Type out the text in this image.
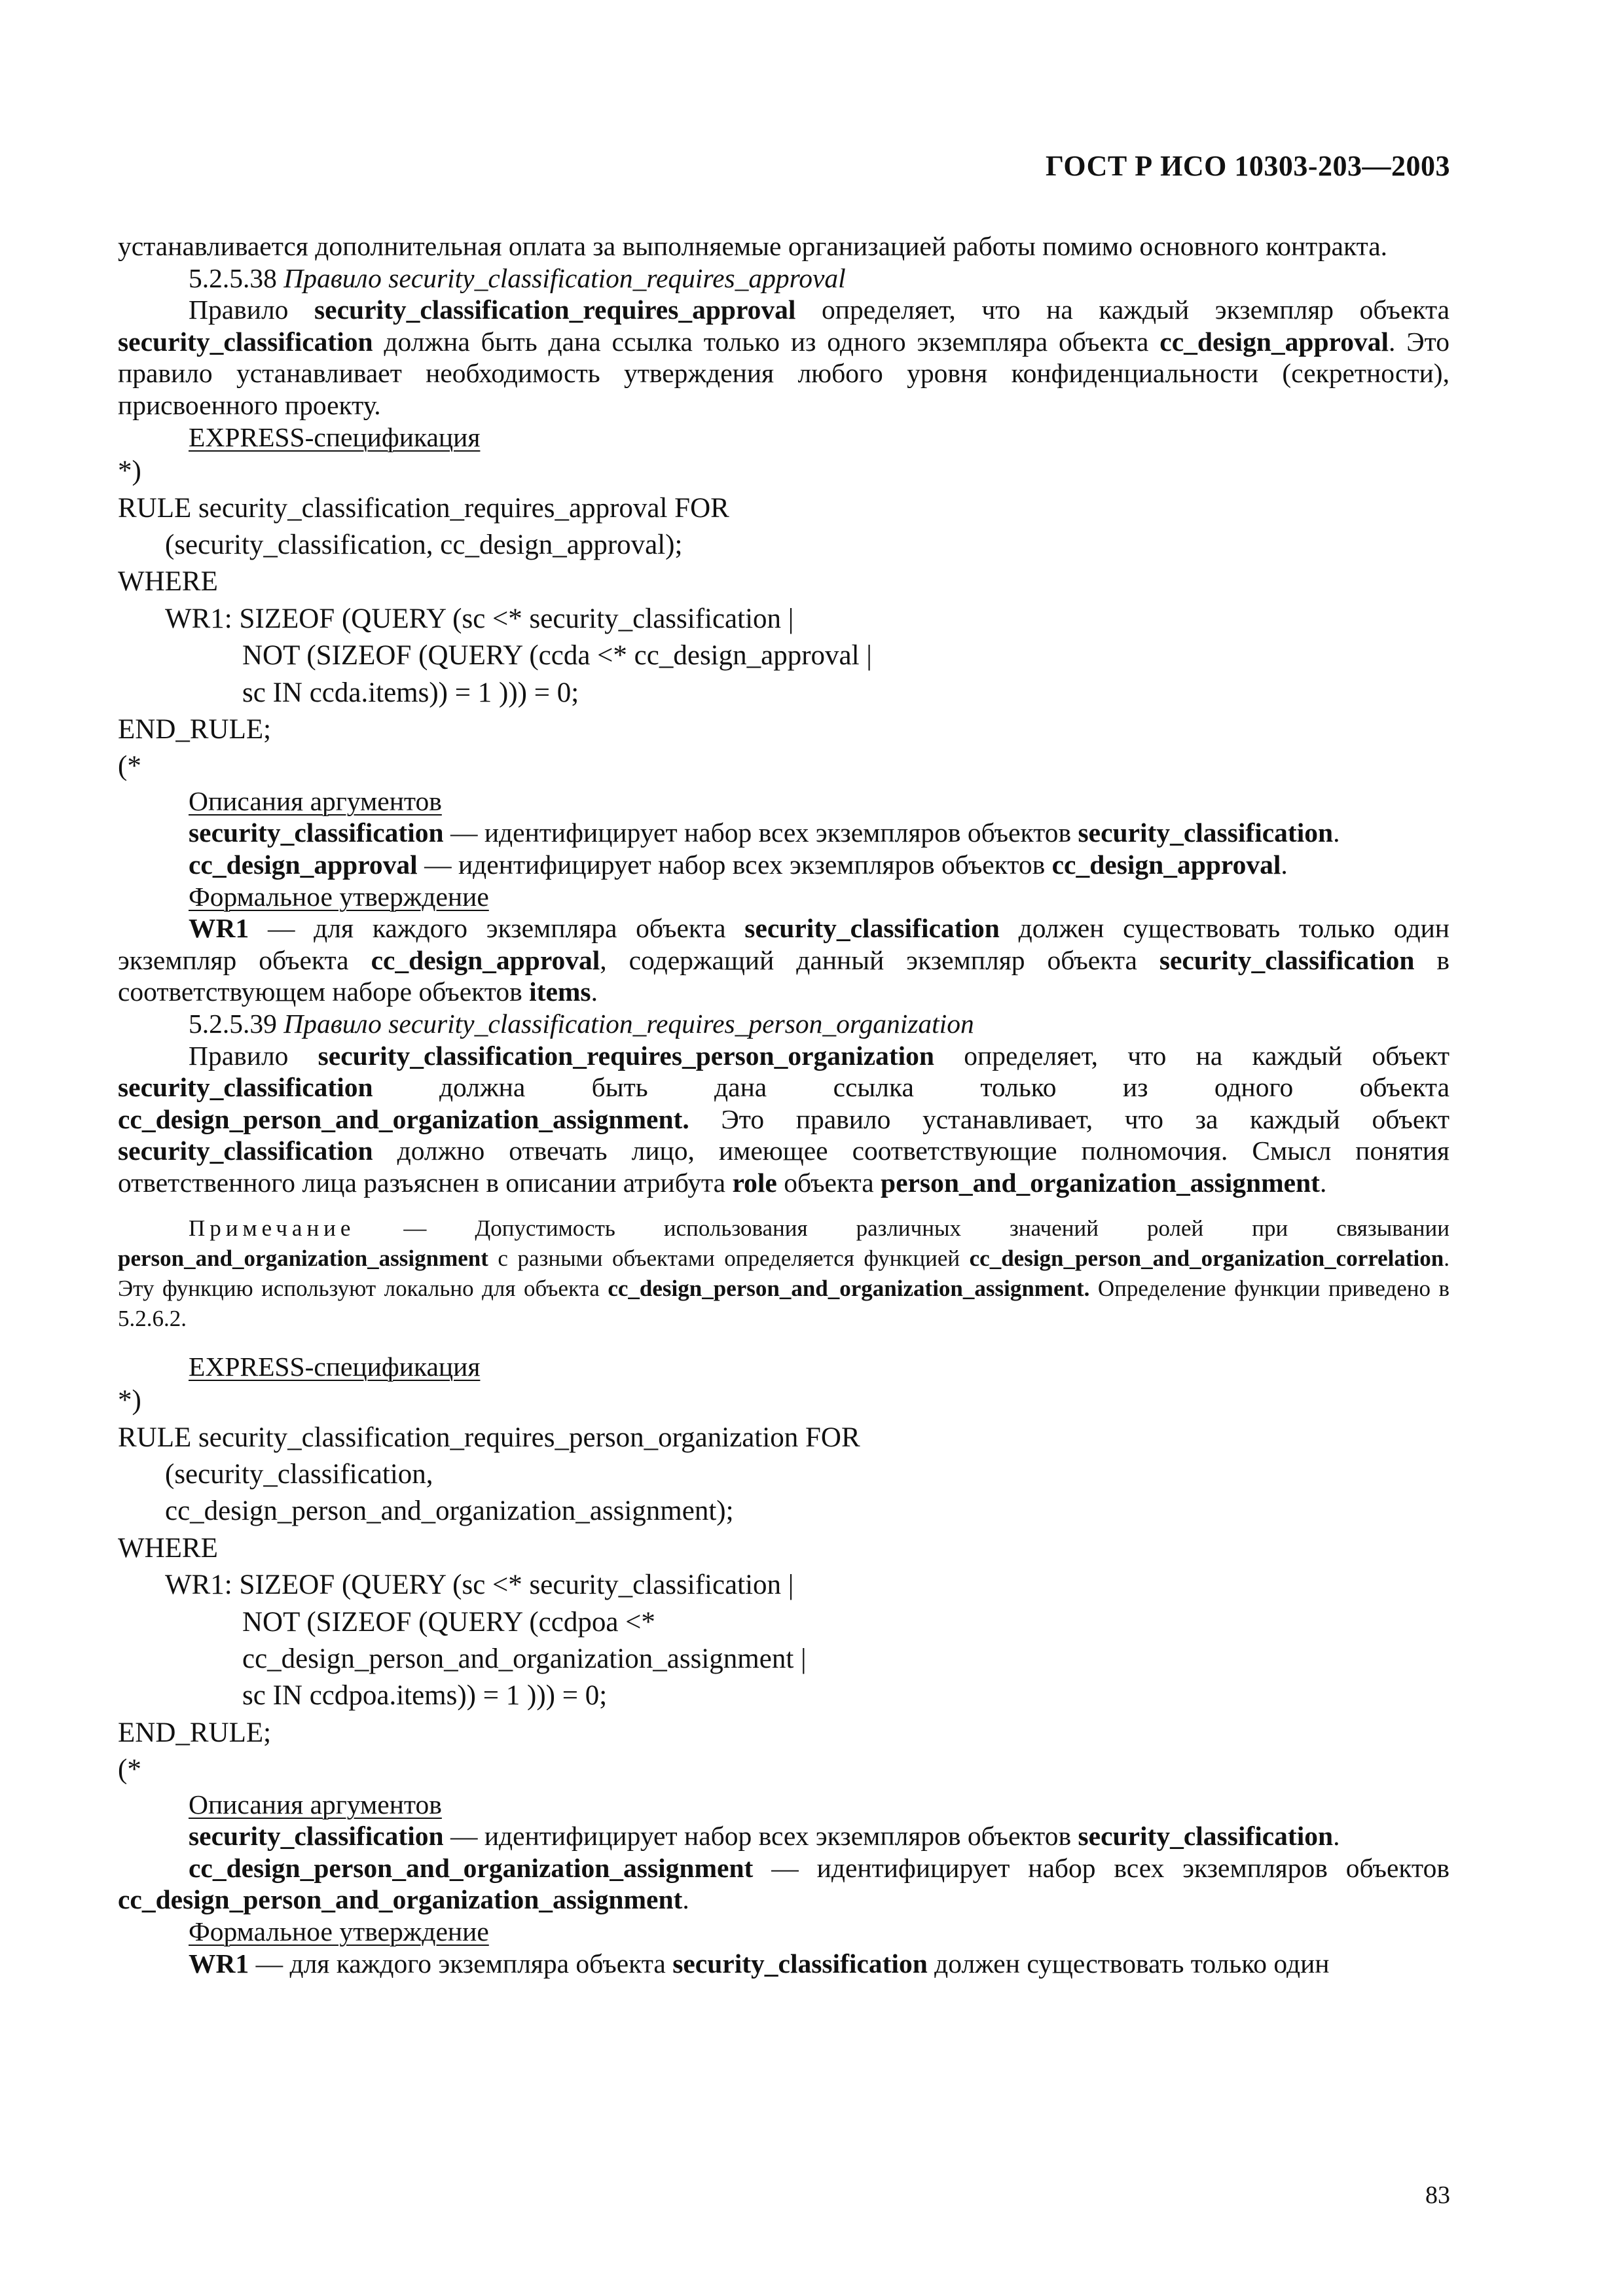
ГОСТ Р ИСО 10303-203—2003

устанавливается дополнительная оплата за выполняемые организацией работы помимо основного контракта.

5.2.5.38 Правило security_classification_requires_approval

Правило security_classification_requires_approval определяет, что на каждый экземпляр объекта security_classification должна быть дана ссылка только из одного экземпляра объекта cc_design_approval. Это правило устанавливает необходимость утверждения любого уровня конфиденциальности (секретности), присвоенного проекту.

EXPRESS-спецификация
*)
RULE security_classification_requires_approval FOR
(security_classification, cc_design_approval);
WHERE
WR1: SIZEOF (QUERY (sc <* security_classification |
NOT (SIZEOF (QUERY (ccda <* cc_design_approval |
sc IN ccda.items)) = 1 ))) = 0;
END_RULE;
(*
Описания аргументов

security_classification — идентифицирует набор всех экземпляров объектов security_classification.

cc_design_approval — идентифицирует набор всех экземпляров объектов cc_design_approval.

Формальное утверждение

WR1 — для каждого экземпляра объекта security_classification должен существовать только один экземпляр объекта cc_design_approval, содержащий данный экземпляр объекта security_classification в соответствующем наборе объектов items.

5.2.5.39 Правило security_classification_requires_person_organization

Правило security_classification_requires_person_organization определяет, что на каждый объект security_classification должна быть дана ссылка только из одного объекта cc_design_person_and_organization_assignment. Это правило устанавливает, что за каждый объект security_classification должно отвечать лицо, имеющее соответствующие полномочия. Смысл понятия ответственного лица разъяснен в описании атрибута role объекта person_and_organization_assignment.

Примечание — Допустимость использования различных значений ролей при связывании person_and_organization_assignment с разными объектами определяется функцией cc_design_person_and_organization_correlation. Эту функцию используют локально для объекта cc_design_person_and_organization_assignment. Определение функции приведено в 5.2.6.2.

EXPRESS-спецификация
*)
RULE security_classification_requires_person_organization FOR
(security_classification,
cc_design_person_and_organization_assignment);
WHERE
WR1: SIZEOF (QUERY (sc <* security_classification |
NOT (SIZEOF (QUERY (ccdpoa <*
cc_design_person_and_organization_assignment |
sc IN ccdpoa.items)) = 1 ))) = 0;
END_RULE;
(*
Описания аргументов

security_classification — идентифицирует набор всех экземпляров объектов security_classification.

cc_design_person_and_organization_assignment — идентифицирует набор всех экземпляров объектов cc_design_person_and_organization_assignment.

Формальное утверждение

WR1 — для каждого экземпляра объекта security_classification должен существовать только один

83
